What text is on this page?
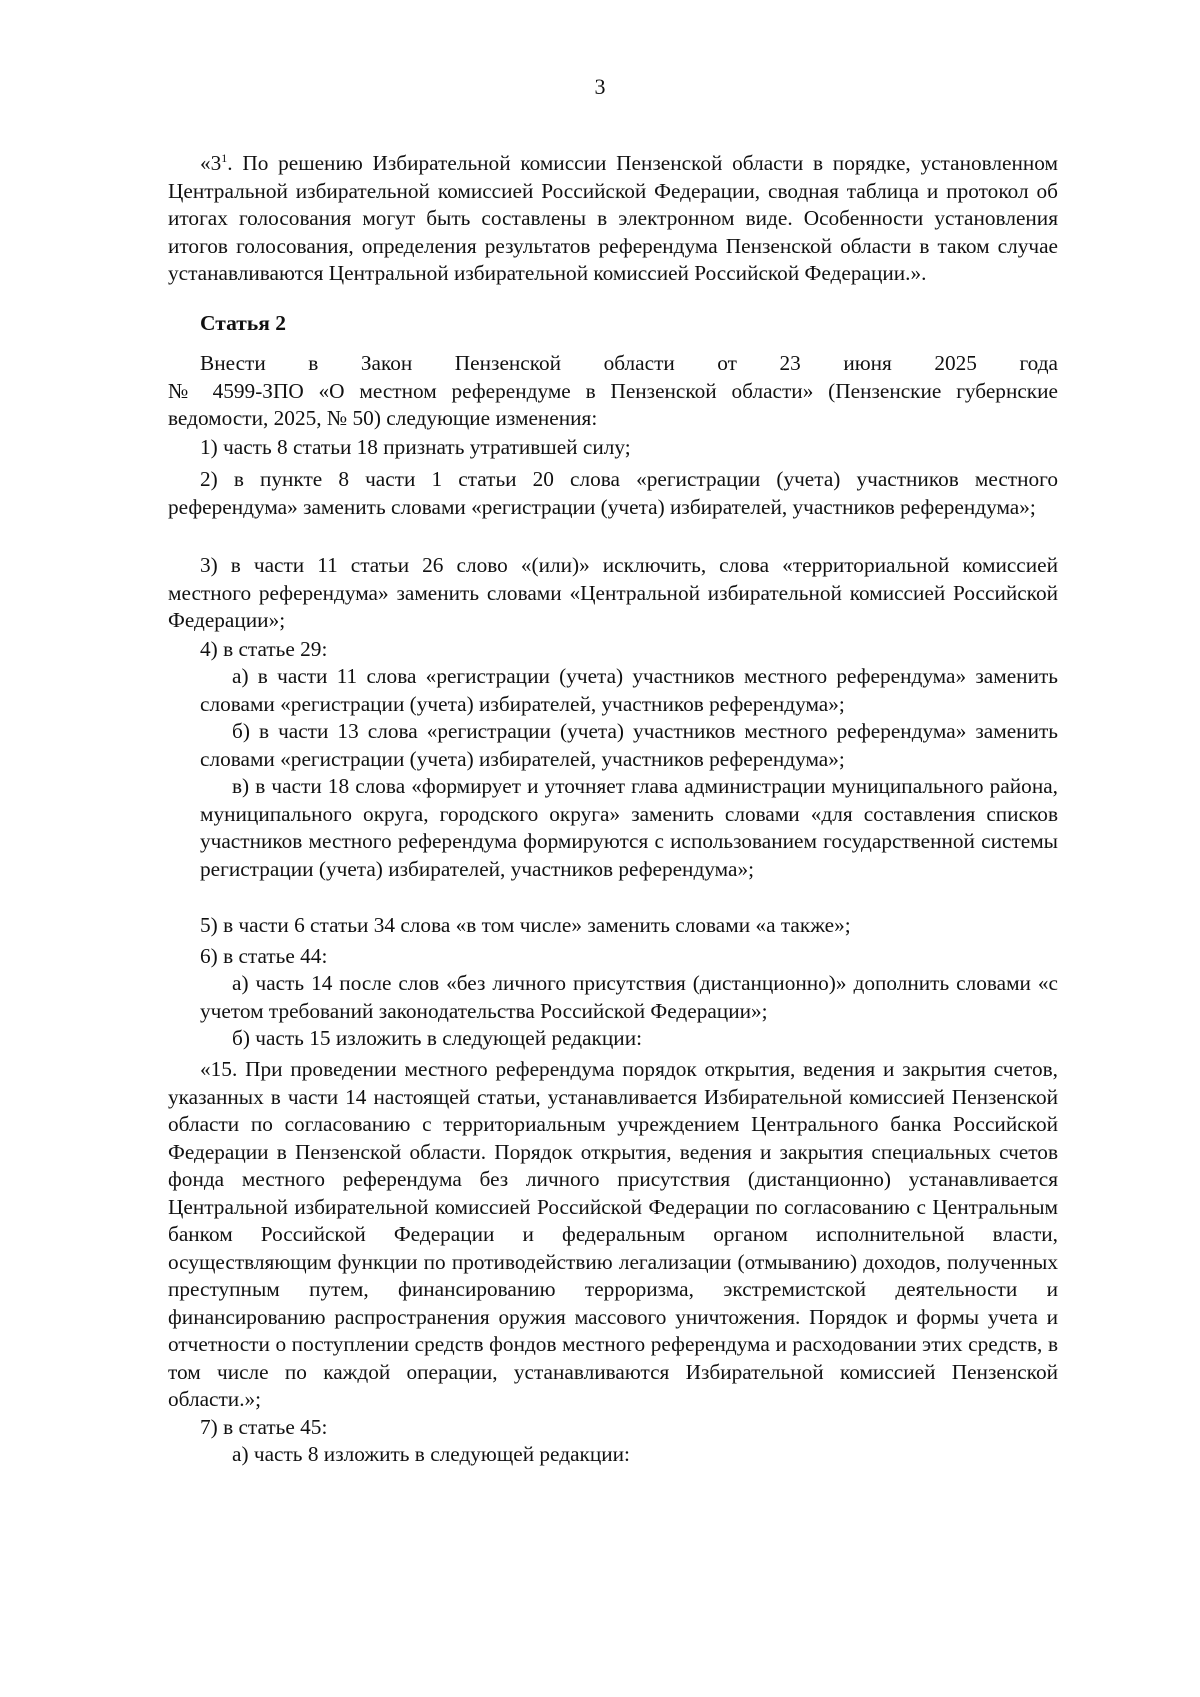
3
«$3^1$. По решению Избирательной комиссии Пензенской области в порядке, установленном Центральной избирательной комиссией Российской Федерации, сводная таблица и протокол об итогах голосования могут быть составлены в электронном виде. Особенности установления итогов голосования, определения результатов референдума Пензенской области в таком случае устанавливаются Центральной избирательной комиссией Российской Федерации.».
Статья 2
Внести в Закон Пензенской области от 23 июня 2025 года
№ 4599-ЗПО «О местном референдуме в Пензенской области» (Пензенские губернские ведомости, 2025, № 50) следующие изменения:
1) часть 8 статьи 18 признать утратившей силу;
2) в пункте 8 части 1 статьи 20 слова «регистрации (учета) участников местного референдума» заменить словами «регистрации (учета) избирателей, участников референдума»;
3) в части 11 статьи 26 слово «(или)» исключить, слова «территориальной комиссией местного референдума» заменить словами «Центральной избирательной комиссией Российской Федерации»;
4) в статье 29:
а) в части 11 слова «регистрации (учета) участников местного референдума» заменить словами «регистрации (учета) избирателей, участников референдума»;
б) в части 13 слова «регистрации (учета) участников местного референдума» заменить словами «регистрации (учета) избирателей, участников референдума»;
в) в части 18 слова «формирует и уточняет глава администрации муниципального района, муниципального округа, городского округа» заменить словами «для составления списков участников местного референдума формируются с использованием государственной системы регистрации (учета) избирателей, участников референдума»;
5) в части 6 статьи 34 слова «в том числе» заменить словами «а также»;
6) в статье 44:
а) часть 14 после слов «без личного присутствия (дистанционно)» дополнить словами «с учетом требований законодательства Российской Федерации»;
б) часть 15 изложить в следующей редакции:
«15. При проведении местного референдума порядок открытия, ведения и закрытия счетов, указанных в части 14 настоящей статьи, устанавливается Избирательной комиссией Пензенской области по согласованию с территориальным учреждением Центрального банка Российской Федерации в Пензенской области. Порядок открытия, ведения и закрытия специальных счетов фонда местного референдума без личного присутствия (дистанционно) устанавливается Центральной избирательной комиссией Российской Федерации по согласованию с Центральным банком Российской Федерации и федеральным органом исполнительной власти, осуществляющим функции по противодействию легализации (отмыванию) доходов, полученных преступным путем, финансированию терроризма, экстремистской деятельности и финансированию распространения оружия массового уничтожения. Порядок и формы учета и отчетности о поступлении средств фондов местного референдума и расходовании этих средств, в том числе по каждой операции, устанавливаются Избирательной комиссией Пензенской области.»;
7) в статье 45:
а) часть 8 изложить в следующей редакции:
